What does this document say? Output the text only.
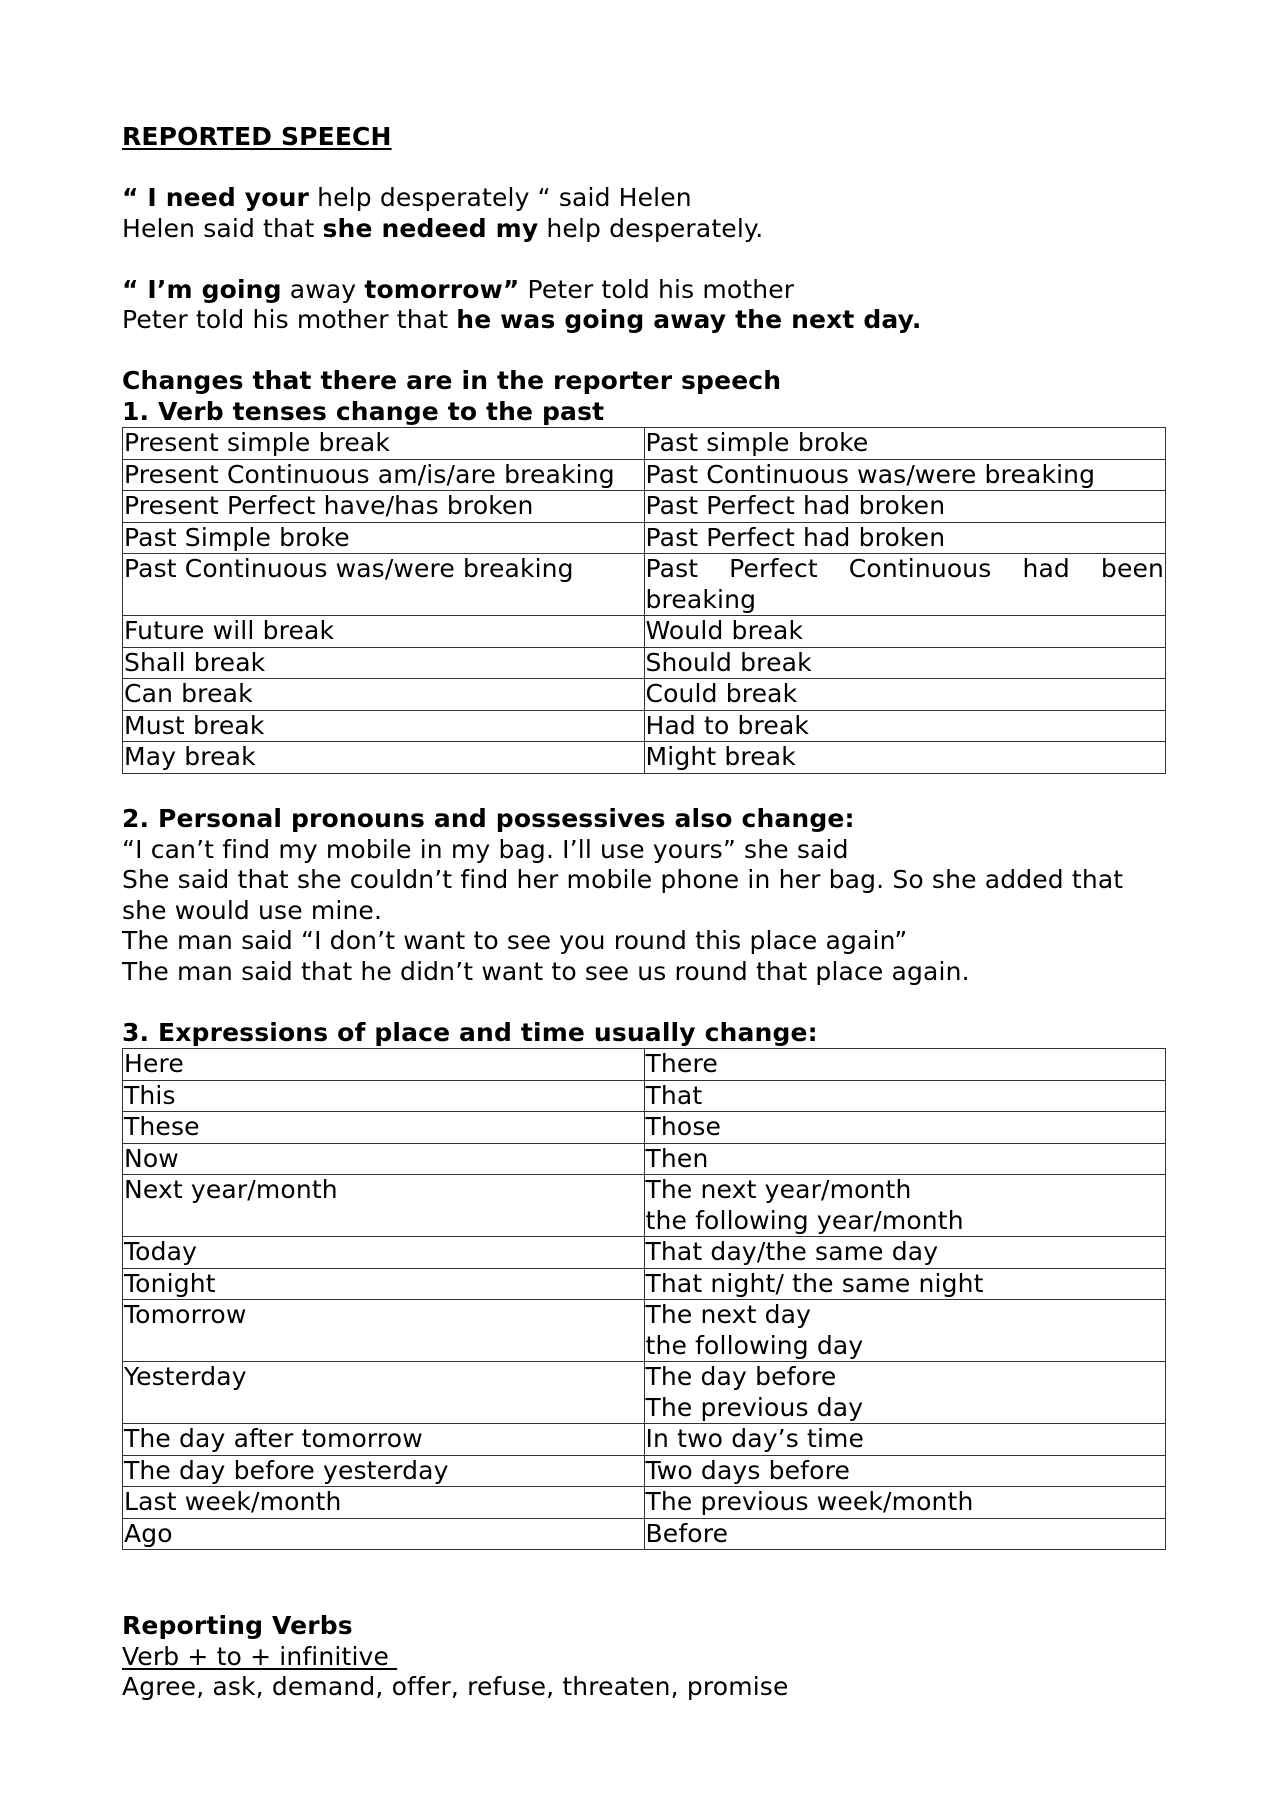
REPORTED SPEECH
“ I need your help desperately “ said Helen
Helen said that she nedeed my help desperately.
“ I’m going away tomorrow” Peter told his mother
Peter told his mother that he was going away the next day.
Changes that there are in the reporter speech
1. Verb tenses change to the past
Present simple break	Past simple broke
Present Continuous am/is/are breaking	Past Continuous was/were breaking
Present Perfect have/has broken	Past Perfect had broken
Past Simple broke	Past Perfect had broken
Past Continuous was/were breaking	Past Perfect Continuous had been breaking
Future will break	Would break
Shall break	Should break
Can break	Could break
Must break	Had to break
May break	Might break
2. Personal pronouns and possessives also change:
“I can’t find my mobile in my bag. I’ll use yours” she said
She said that she couldn’t find her mobile phone in her bag. So she added that she would use mine.
The man said “I don’t want to see you round this place again”
The man said that he didn’t want to see us round that place again.
3. Expressions of place and time usually change:
Here	There

This	That

These	Those

Now	Then

Next year/month	The next year/month
the following year/month

Today	That day/the same day

Tonight	That night/ the same night

Tomorrow	The next day
the following day

Yesterday	The day before
The previous day

The day after tomorrow	In two day’s time

The day before yesterday	Two days before

Last week/month	The previous week/month

Ago	Before
Reporting Verbs
Verb + to + infinitive
Agree, ask, demand, offer, refuse, threaten, promise
